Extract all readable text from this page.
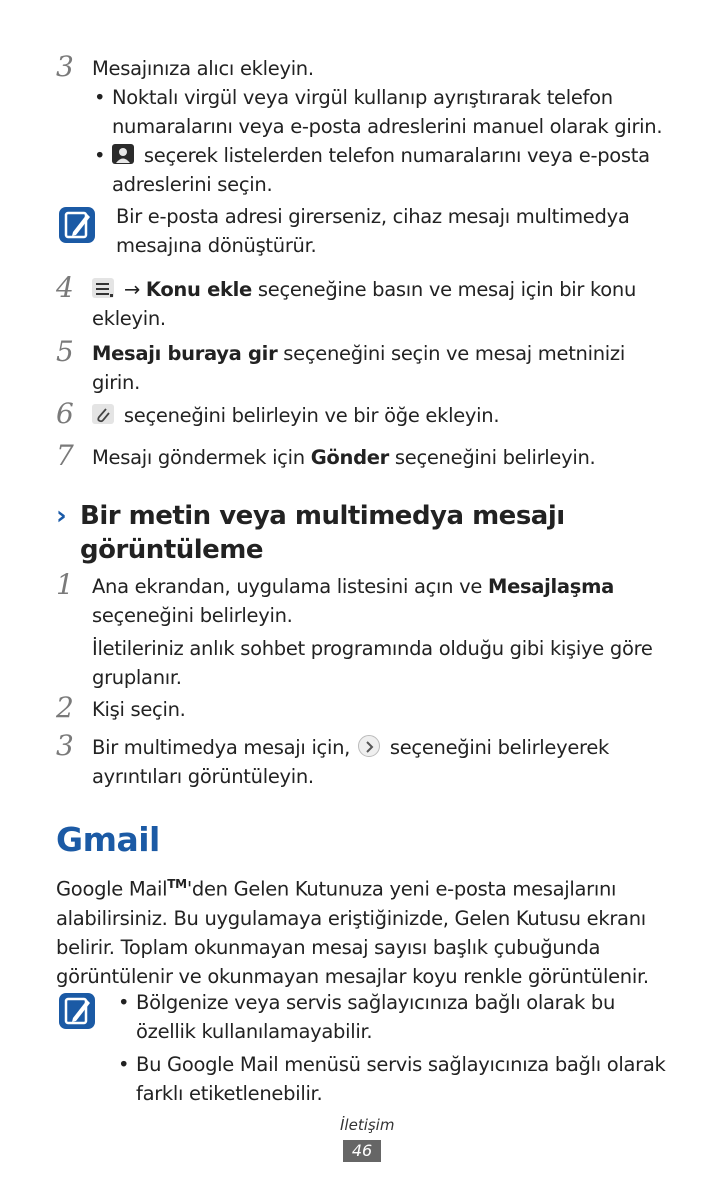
3 Mesajınıza alıcı ekleyin.
• Noktalı virgül veya virgül kullanıp ayrıştırarak telefon numaralarını veya e-posta adreslerini manuel olarak girin.
• seçerek listelerden telefon numaralarını veya e-posta adreslerini seçin.
Bir e-posta adresi girerseniz, cihaz mesajı multimedya mesajına dönüştürür.
4	→ Konu ekle seçeneğine basın ve mesaj için bir konu ekleyin.
5 Mesajı buraya gir seçeneğini seçin ve mesaj metninizi girin.
6	seçeneğini belirleyin ve bir öğe ekleyin.
7 Mesajı göndermek için Gönder seçeneğini belirleyin.
› Bir metin veya multimedya mesajı görüntüleme
1 Ana ekrandan, uygulama listesini açın ve Mesajlaşma seçeneğini belirleyin.
İletileriniz anlık sohbet programında olduğu gibi kişiye göre gruplanır.
2 Kişi seçin.
3 Bir multimedya mesajı için,  seçeneğini belirleyerek ayrıntıları görüntüleyin.
Gmail
Google Mail™'den Gelen Kutunuza yeni e-posta mesajlarını alabilirsiniz. Bu uygulamaya eriştiğinizde, Gelen Kutusu ekranı belirir. Toplam okunmayan mesaj sayısı başlık çubuğunda görüntülenir ve okunmayan mesajlar koyu renkle görüntülenir.
• Bölgenize veya servis sağlayıcınıza bağlı olarak bu özellik kullanılamayabilir.
• Bu Google Mail menüsü servis sağlayıcınıza bağlı olarak farklı etiketlenebilir.
İletişim
46
